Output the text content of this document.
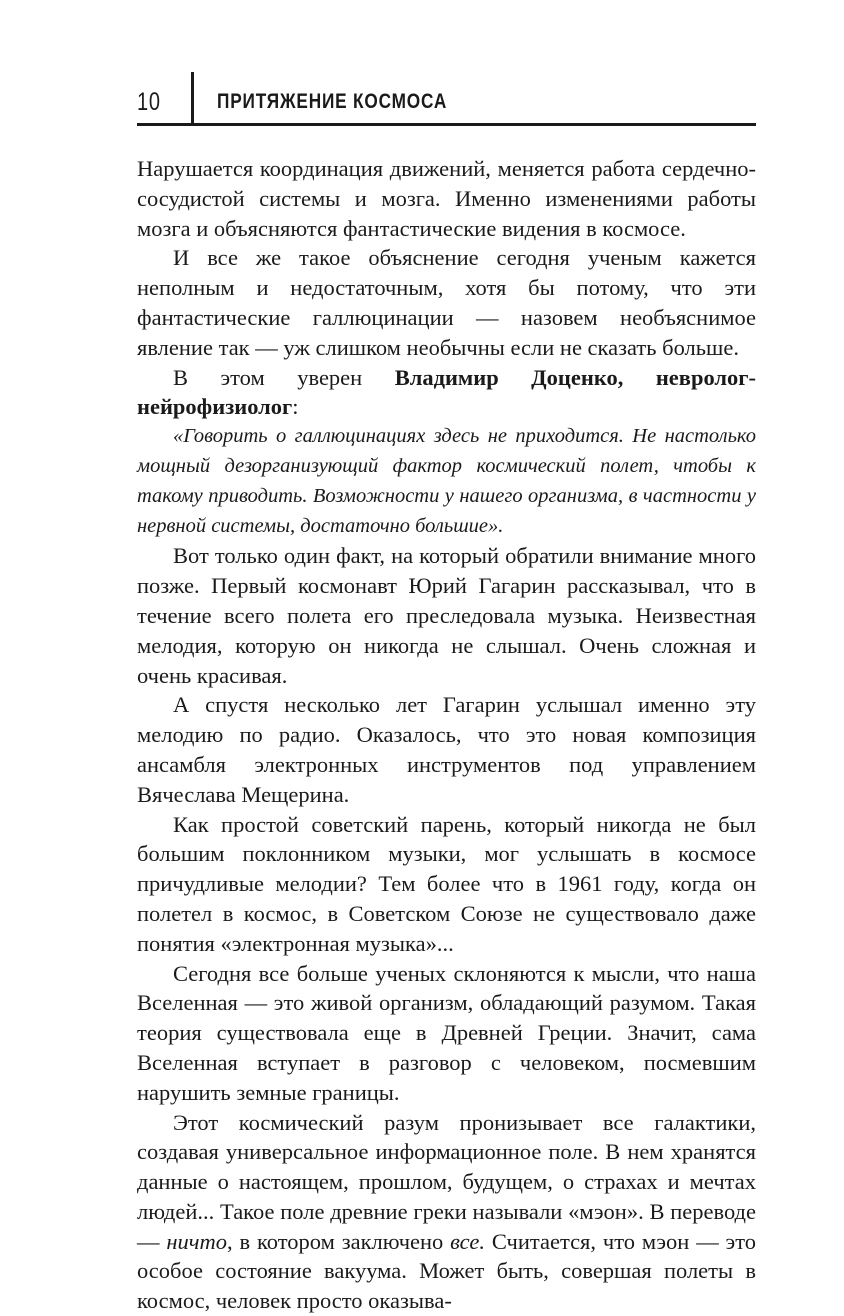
10	ПРИТЯЖЕНИЕ КОСМОСА

Нарушается координация движений, меняется работа сердечно-сосудистой системы и мозга. Именно изменениями работы мозга и объясняются фантастические видения в космосе.

И все же такое объяснение сегодня ученым кажется неполным и недостаточным, хотя бы потому, что эти фантастические галлюцинации — назовем необъяснимое явление так — уж слишком необычны если не сказать больше.

В этом уверен Владимир Доценко, невролог-нейрофизиолог:

«Говорить о галлюцинациях здесь не приходится. Не настолько мощный дезорганизующий фактор космический полет, чтобы к такому приводить. Возможности у нашего организма, в частности у нервной системы, достаточно большие».

Вот только один факт, на который обратили внимание много позже. Первый космонавт Юрий Гагарин рассказывал, что в течение всего полета его преследовала музыка. Неизвестная мелодия, которую он никогда не слышал. Очень сложная и очень красивая.

А спустя несколько лет Гагарин услышал именно эту мелодию по радио. Оказалось, что это новая композиция ансамбля электронных инструментов под управлением Вячеслава Мещерина.

Как простой советский парень, который никогда не был большим поклонником музыки, мог услышать в космосе причудливые мелодии? Тем более что в 1961 году, когда он полетел в космос, в Советском Союзе не существовало даже понятия «электронная музыка»...

Сегодня все больше ученых склоняются к мысли, что наша Вселенная — это живой организм, обладающий разумом. Такая теория существовала еще в Древней Греции. Значит, сама Вселенная вступает в разговор с человеком, посмевшим нарушить земные границы.

Этот космический разум пронизывает все галактики, создавая универсальное информационное поле. В нем хранятся данные о настоящем, прошлом, будущем, о страхах и мечтах людей... Такое поле древние греки называли «мэон». В переводе — ничто, в котором заключено все. Считается, что мэон — это особое состояние вакуума. Может быть, совершая полеты в космос, человек просто оказыва-
